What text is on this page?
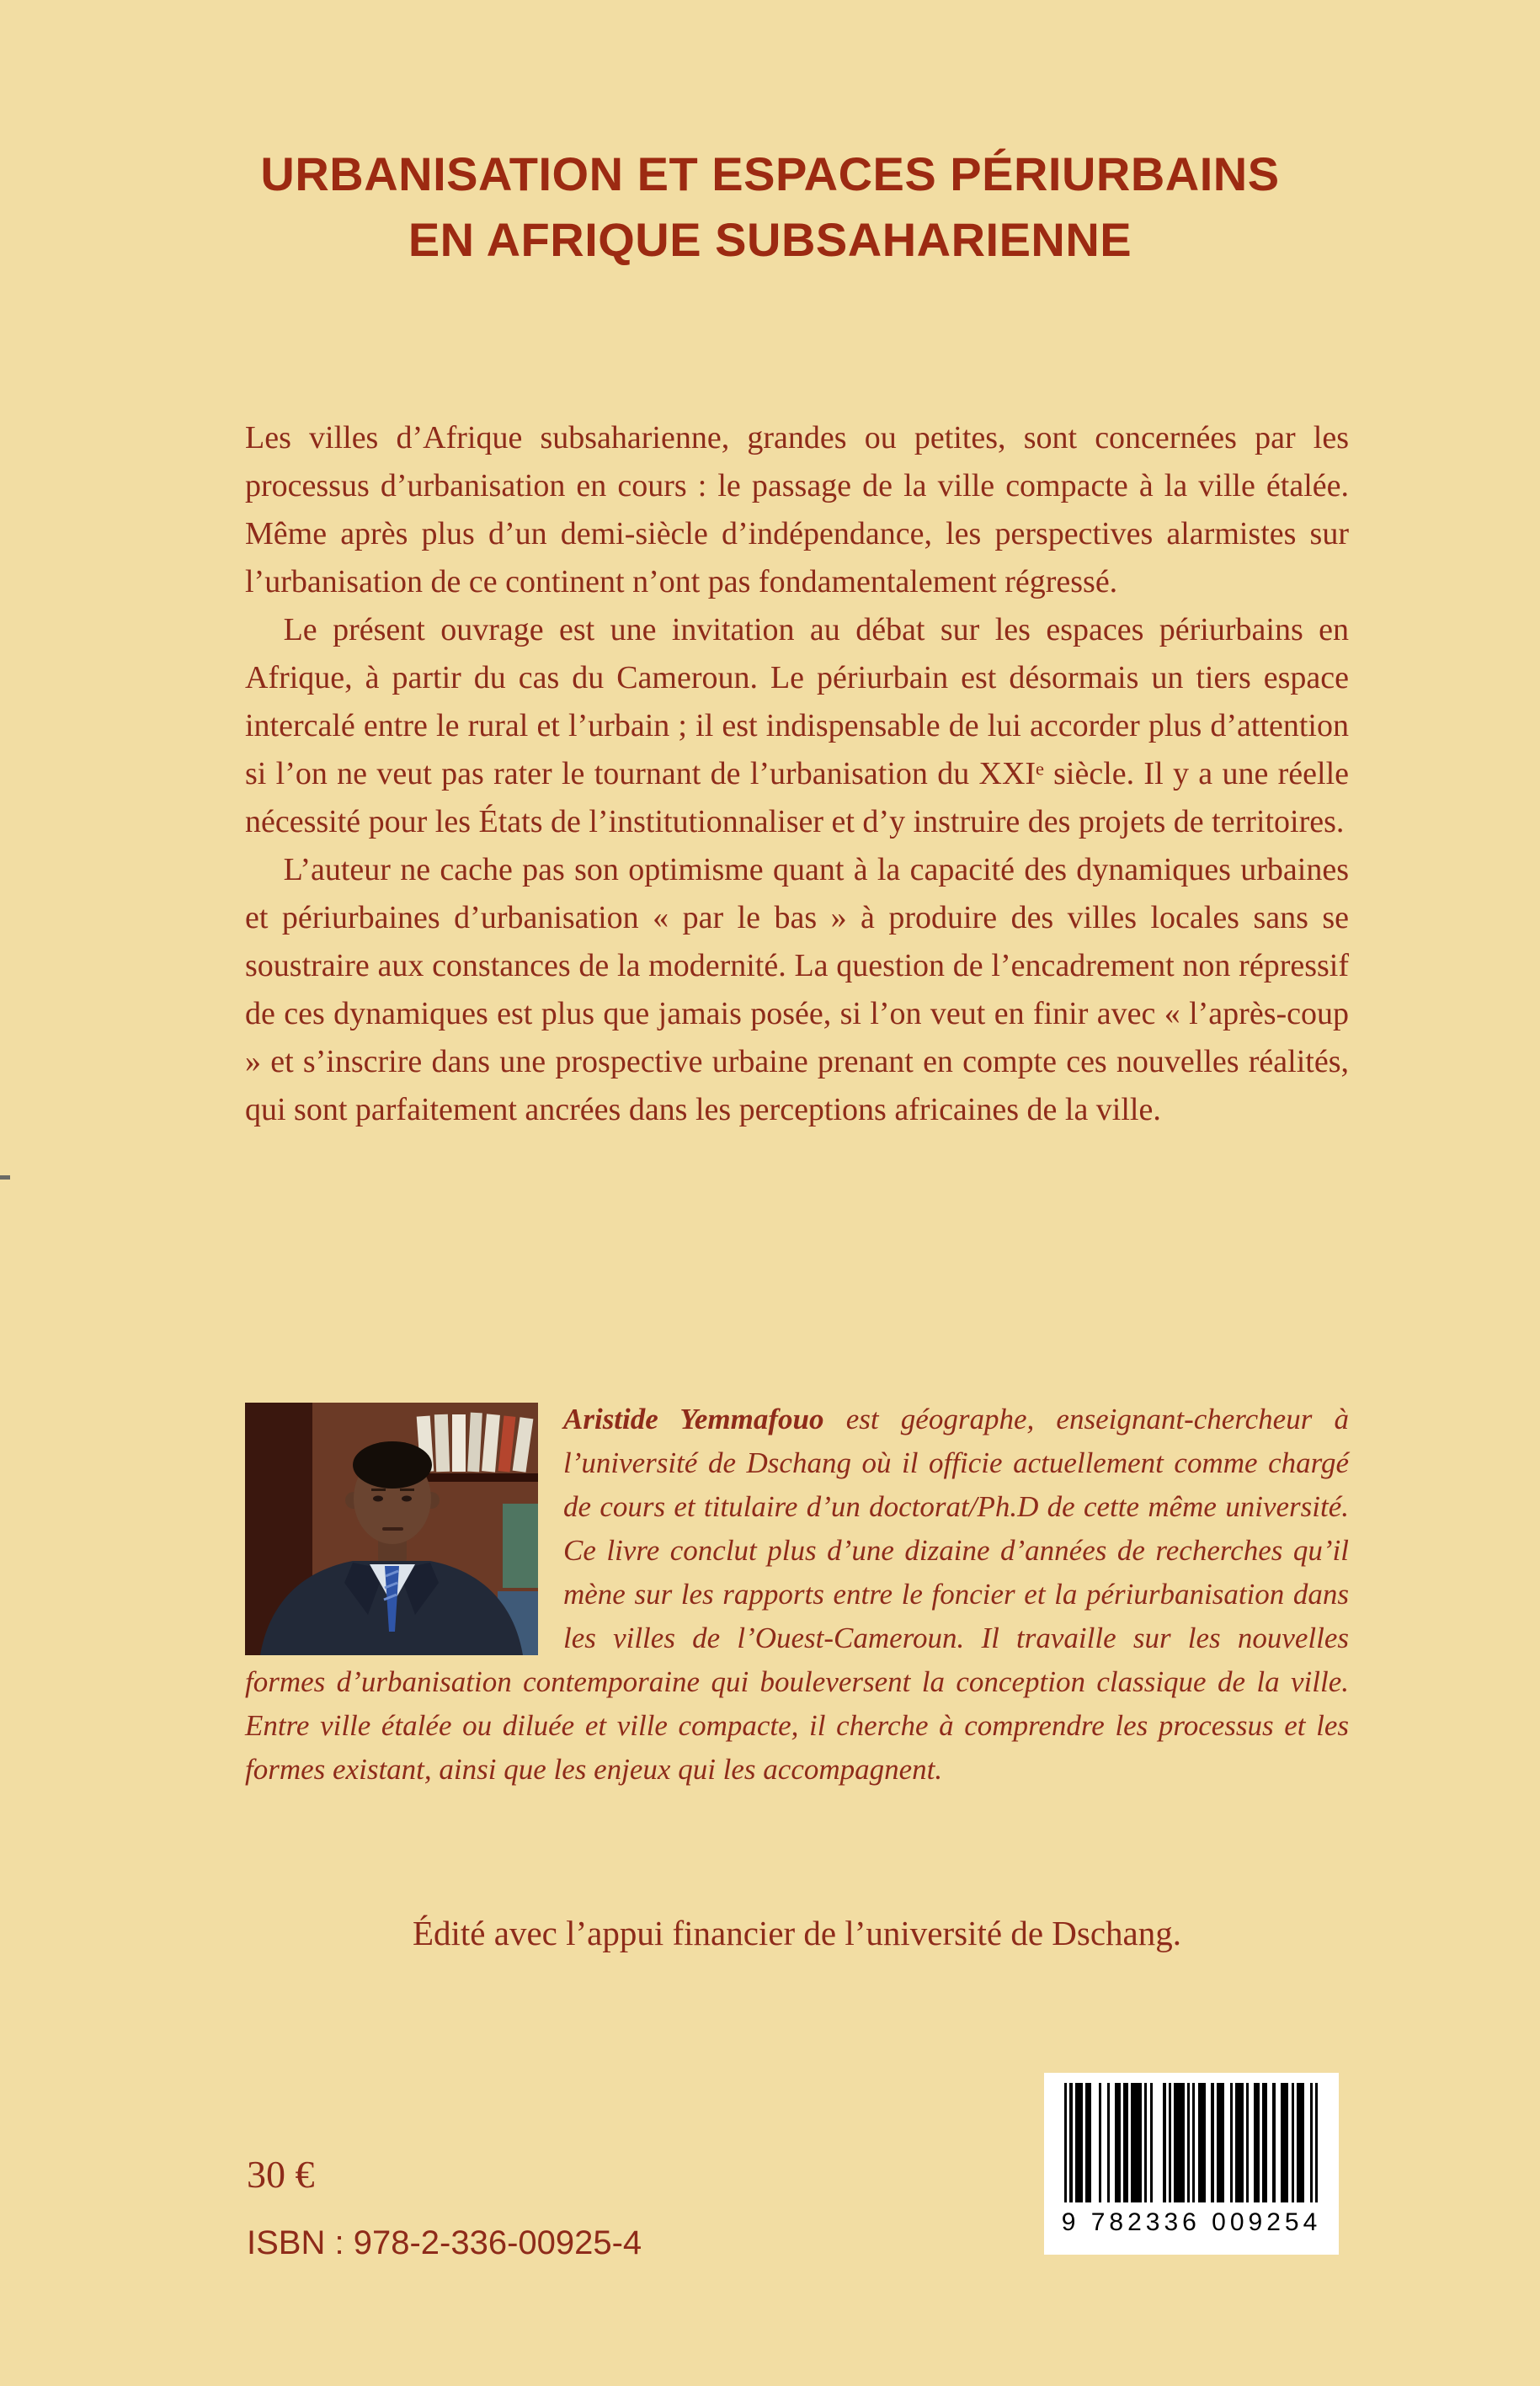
URBANISATION ET ESPACES PÉRIURBAINS
EN AFRIQUE SUBSAHARIENNE

Les villes d’Afrique subsaharienne, grandes ou petites, sont concernées par les processus d’urbanisation en cours : le passage de la ville compacte à la ville étalée. Même après plus d’un demi-siècle d’indépendance, les perspectives alarmistes sur l’urbanisation de ce continent n’ont pas fondamentalement régressé.

Le présent ouvrage est une invitation au débat sur les espaces périurbains en Afrique, à partir du cas du Cameroun. Le périurbain est désormais un tiers espace intercalé entre le rural et l’urbain ; il est indispensable de lui accorder plus d’attention si l’on ne veut pas rater le tournant de l’urbanisation du XXIᵉ siècle. Il y a une réelle nécessité pour les États de l’institutionnaliser et d’y instruire des projets de territoires.

L’auteur ne cache pas son optimisme quant à la capacité des dynamiques urbaines et périurbaines d’urbanisation « par le bas » à produire des villes locales sans se soustraire aux constances de la modernité. La question de l’encadrement non répressif de ces dynamiques est plus que jamais posée, si l’on veut en finir avec « l’après-coup » et s’inscrire dans une prospective urbaine prenant en compte ces nouvelles réalités, qui sont parfaitement ancrées dans les perceptions africaines de la ville.

Aristide Yemmafouo est géographe, enseignant-chercheur à l’université de Dschang où il officie actuellement comme chargé de cours et titulaire d’un doctorat/Ph.D de cette même université. Ce livre conclut plus d’une dizaine d’années de recherches qu’il mène sur les rapports entre le foncier et la périurbanisation dans les villes de l’Ouest-Cameroun. Il travaille sur les nouvelles formes d’urbanisation contemporaine qui bouleversent la conception classique de la ville. Entre ville étalée ou diluée et ville compacte, il cherche à comprendre les processus et les formes existant, ainsi que les enjeux qui les accompagnent.

Édité avec l’appui financier de l’université de Dschang.

30 €
ISBN : 978-2-336-00925-4
9 782336 009254
